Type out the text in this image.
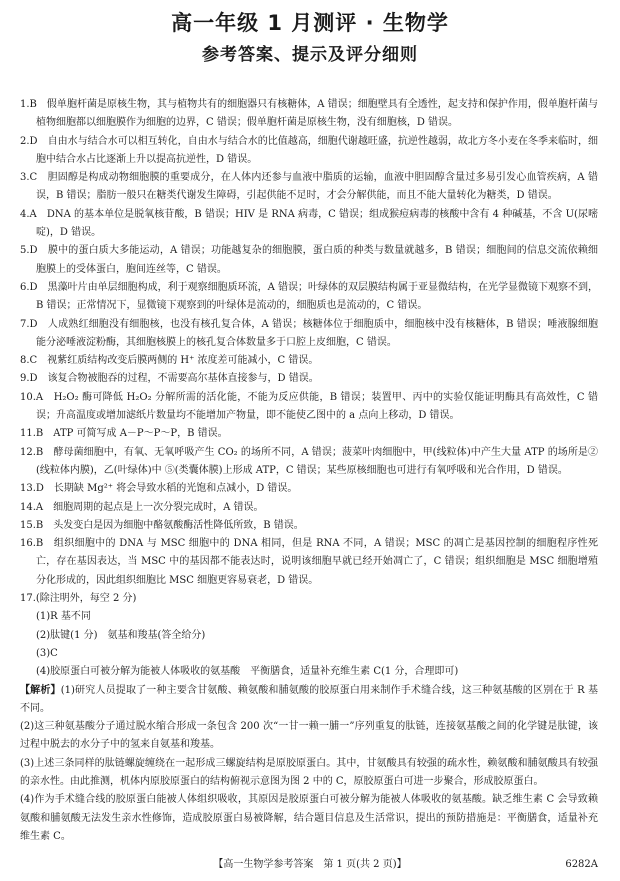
高一年级 1 月测评 · 生物学
参考答案、提示及评分细则
1.B　 假单胞杆菌是原核生物，其与植物共有的细胞器只有核糖体，A 错误；细胞壁具有全透性，起支持和保护作用，假单胞杆菌与植物细胞都以细胞膜作为细胞的边界，C 错误；假单胞杆菌是原核生物，没有细胞核，D 错误。
2.D　 自由水与结合水可以相互转化，自由水与结合水的比值越高，细胞代谢越旺盛，抗逆性越弱，故北方冬小麦在冬季来临时，细胞中结合水占比逐渐上升以提高抗逆性，D 错误。
3.C　 胆固醇是构成动物细胞膜的重要成分，在人体内还参与血液中脂质的运输，血液中胆固醇含量过多易引发心血管疾病，A 错误，B 错误；脂肪一般只在糖类代谢发生障碍，引起供能不足时，才会分解供能，而且不能大量转化为糖类，D 错误。
4.A　 DNA 的基本单位是脱氧核苷酸，B 错误；HIV 是 RNA 病毒，C 错误；组成猴痘病毒的核酸中含有 4 种碱基，不含 U(尿嘧啶)，D 错误。
5.D　 膜中的蛋白质大多能运动，A 错误；功能越复杂的细胞膜，蛋白质的种类与数量就越多，B 错误；细胞间的信息交流依赖细胞膜上的受体蛋白，胞间连丝等，C 错误。
6.D　 黑藻叶片由单层细胞构成，利于观察细胞质环流，A 错误；叶绿体的双层膜结构属于亚显微结构，在光学显微镜下观察不到，B 错误；正常情况下，显微镜下观察到的叶绿体是流动的，细胞质也是流动的，C 错误。
7.D　 人成熟红细胞没有细胞核，也没有核孔复合体，A 错误；核糖体位于细胞质中，细胞核中没有核糖体，B 错误；唾液腺细胞能分泌唾液淀粉酶，其细胞核膜上的核孔复合体数量多于口腔上皮细胞，C 错误。
8.C　 视紫红质结构改变后膜两侧的 H⁺ 浓度差可能减小，C 错误。
9.D　 该复合物被胞吞的过程，不需要高尔基体直接参与，D 错误。
10.A　 H₂O₂ 酶可降低 H₂O₂ 分解所需的活化能，不能为反应供能，B 错误；装置甲、丙中的实验仅能证明酶具有高效性，C 错误；升高温度或增加滤纸片数量均不能增加产物量，即不能使乙图中的 a 点向上移动，D 错误。
11.B　 ATP 可简写成 A－P～P～P，B 错误。
12.B　 酵母菌细胞中，有氧、无氧呼吸产生 CO₂ 的场所不同，A 错误；菠菜叶肉细胞中，甲(线粒体)中产生大量 ATP 的场所是②(线粒体内膜)，乙(叶绿体)中 ⑤(类囊体膜)上形成 ATP，C 错误；某些原核细胞也可进行有氧呼吸和光合作用，D 错误。
13.D　 长期缺 Mg²⁺ 将会导致水稻的光饱和点减小，D 错误。
14.A　 细胞周期的起点是上一次分裂完成时，A 错误。
15.B　 头发变白是因为细胞中酪氨酸酶活性降低所致，B 错误。
16.B　 组织细胞中的 DNA 与 MSC 细胞中的 DNA 相同，但是 RNA 不同，A 错误；MSC 的凋亡是基因控制的细胞程序性死亡，存在基因表达，当 MSC 中的基因都不能表达时，说明该细胞早就已经开始凋亡了，C 错误；组织细胞是 MSC 细胞增殖分化形成的，因此组织细胞比 MSC 细胞更容易衰老，D 错误。
17.(除注明外，每空 2 分)
(1)R 基不同
(2)肽键(1 分)　氨基和羧基(答全给分)
(3)C
(4)胶原蛋白可被分解为能被人体吸收的氨基酸　平衡膳食，适量补充维生素 C(1 分，合理即可)
【解析】(1)研究人员提取了一种主要含甘氨酸、赖氨酸和脯氨酸的胶原蛋白用来制作手术缝合线，这三种氨基酸的区别在于 R 基不同。
(2)这三种氨基酸分子通过脱水缩合形成一条包含 200 次“一甘一赖一脯一”序列重复的肽链，连接氨基酸之间的化学键是肽键，该过程中脱去的水分子中的氢来自氨基和羧基。
(3)上述三条同样的肽链螺旋缠绕在一起形成三螺旋结构是原胶原蛋白。其中，甘氨酸具有较强的疏水性，赖氨酸和脯氨酸具有较强的亲水性。由此推测，机体内原胶原蛋白的结构俯视示意图为图 2 中的 C，原胶原蛋白可进一步聚合，形成胶原蛋白。
(4)作为手术缝合线的胶原蛋白能被人体组织吸收，其原因是胶原蛋白可被分解为能被人体吸收的氨基酸。缺乏维生素 C 会导致赖氨酸和脯氨酸无法发生亲水性修饰，造成胶原蛋白易被降解，结合题目信息及生活常识，提出的预防措施是：平衡膳食，适量补充维生素 C。
【高一生物学参考答案　第 1 页(共 2 页)】	6282A
